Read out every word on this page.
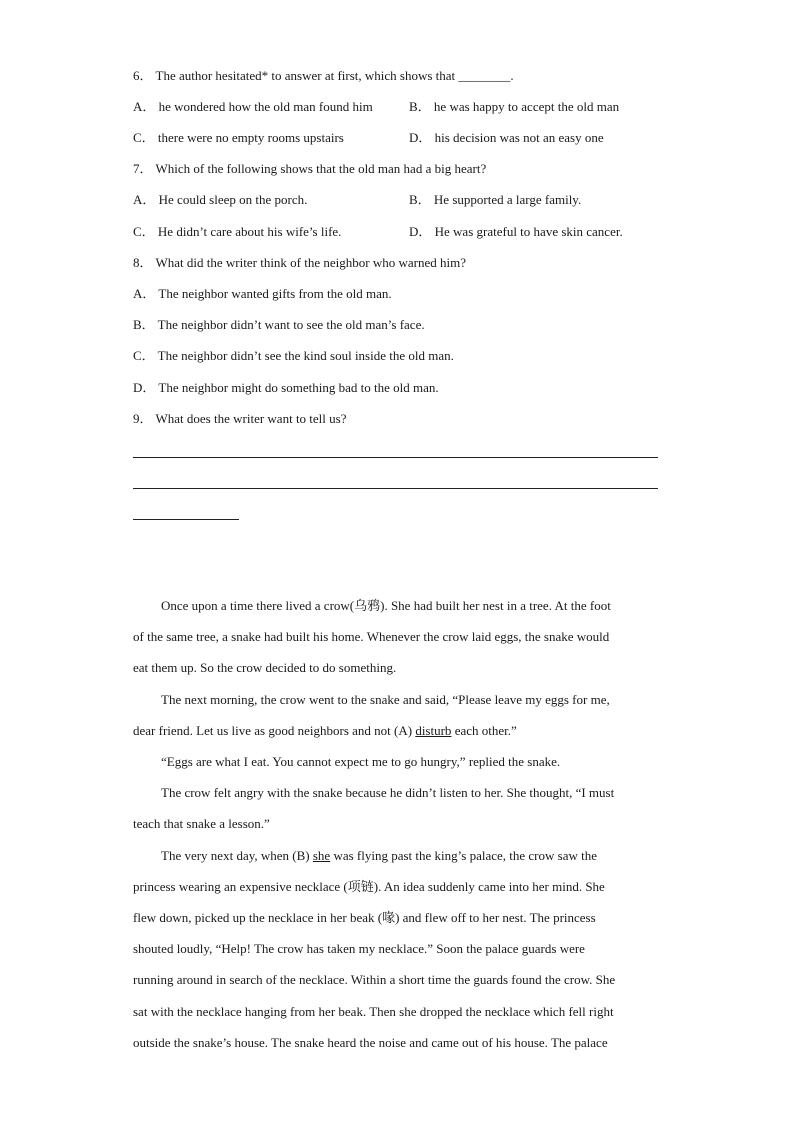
6． The author hesitated* to answer at first, which shows that ________.
A． he wondered how the old man found him	B． he was happy to accept the old man
C． there were no empty rooms upstairs	D． his decision was not an easy one
7． Which of the following shows that the old man had a big heart?
A． He could sleep on the porch.	B． He supported a large family.
C． He didn’t care about his wife’s life.	D． He was grateful to have skin cancer.
8． What did the writer think of the neighbor who warned him?
A． The neighbor wanted gifts from the old man.
B． The neighbor didn’t want to see the old man’s face.
C． The neighbor didn’t see the kind soul inside the old man.
D． The neighbor might do something bad to the old man.
9． What does the writer want to tell us?
Once upon a time there lived a crow(乌鸦). She had built her nest in a tree. At the foot
of the same tree, a snake had built his home. Whenever the crow laid eggs, the snake would
eat them up. So the crow decided to do something.
The next morning, the crow went to the snake and said, “Please leave my eggs for me,
dear friend. Let us live as good neighbors and not (A) disturb each other.”
“Eggs are what I eat. You cannot expect me to go hungry,” replied the snake.
The crow felt angry with the snake because he didn’t listen to her. She thought, “I must
teach that snake a lesson.”
The very next day, when (B) she was flying past the king’s palace, the crow saw the
princess wearing an expensive necklace (项链). An idea suddenly came into her mind. She
flew down, picked up the necklace in her beak (喙) and flew off to her nest. The princess
shouted loudly, “Help! The crow has taken my necklace.” Soon the palace guards were
running around in search of the necklace. Within a short time the guards found the crow. She
sat with the necklace hanging from her beak. Then she dropped the necklace which fell right
outside the snake’s house. The snake heard the noise and came out of his house. The palace
